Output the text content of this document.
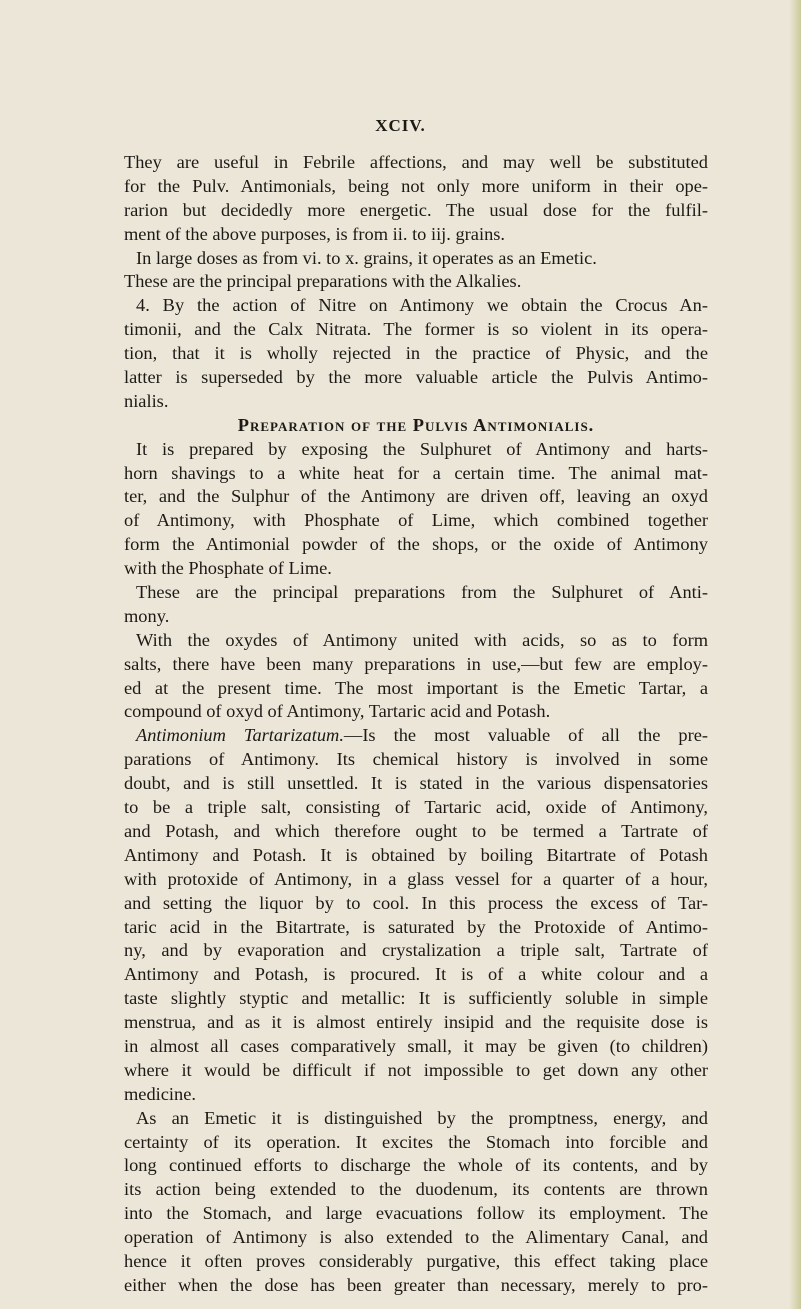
XCIV.
They are useful in Febrile affections, and may well be substituted
for the Pulv. Antimonials, being not only more uniform in their ope-
rarion but decidedly more energetic. The usual dose for the fulfil-
ment of the above purposes, is from ii. to iij. grains.
In large doses as from vi. to x. grains, it operates as an Emetic.
These are the principal preparations with the Alkalies.
4. By the action of Nitre on Antimony we obtain the Crocus An-
timonii, and the Calx Nitrata. The former is so violent in its opera-
tion, that it is wholly rejected in the practice of Physic, and the
latter is superseded by the more valuable article the Pulvis Antimo-
nialis.
Preparation of the Pulvis Antimonialis.
It is prepared by exposing the Sulphuret of Antimony and harts-
horn shavings to a white heat for a certain time. The animal mat-
ter, and the Sulphur of the Antimony are driven off, leaving an oxyd
of Antimony, with Phosphate of Lime, which combined together
form the Antimonial powder of the shops, or the oxide of Antimony
with the Phosphate of Lime.
These are the principal preparations from the Sulphuret of Anti-
mony.
With the oxydes of Antimony united with acids, so as to form
salts, there have been many preparations in use,—but few are employ-
ed at the present time. The most important is the Emetic Tartar, a
compound of oxyd of Antimony, Tartaric acid and Potash.
Antimonium Tartarizatum.—Is the most valuable of all the pre-
parations of Antimony. Its chemical history is involved in some
doubt, and is still unsettled. It is stated in the various dispensatories
to be a triple salt, consisting of Tartaric acid, oxide of Antimony,
and Potash, and which therefore ought to be termed a Tartrate of
Antimony and Potash. It is obtained by boiling Bitartrate of Potash
with protoxide of Antimony, in a glass vessel for a quarter of a hour,
and setting the liquor by to cool. In this process the excess of Tar-
taric acid in the Bitartrate, is saturated by the Protoxide of Antimo-
ny, and by evaporation and crystalization a triple salt, Tartrate of
Antimony and Potash, is procured. It is of a white colour and a
taste slightly styptic and metallic: It is sufficiently soluble in simple
menstrua, and as it is almost entirely insipid and the requisite dose is
in almost all cases comparatively small, it may be given (to children)
where it would be difficult if not impossible to get down any other
medicine.
As an Emetic it is distinguished by the promptness, energy, and
certainty of its operation. It excites the Stomach into forcible and
long continued efforts to discharge the whole of its contents, and by
its action being extended to the duodenum, its contents are thrown
into the Stomach, and large evacuations follow its employment. The
operation of Antimony is also extended to the Alimentary Canal, and
hence it often proves considerably purgative, this effect taking place
either when the dose has been greater than necessary, merely to pro-
